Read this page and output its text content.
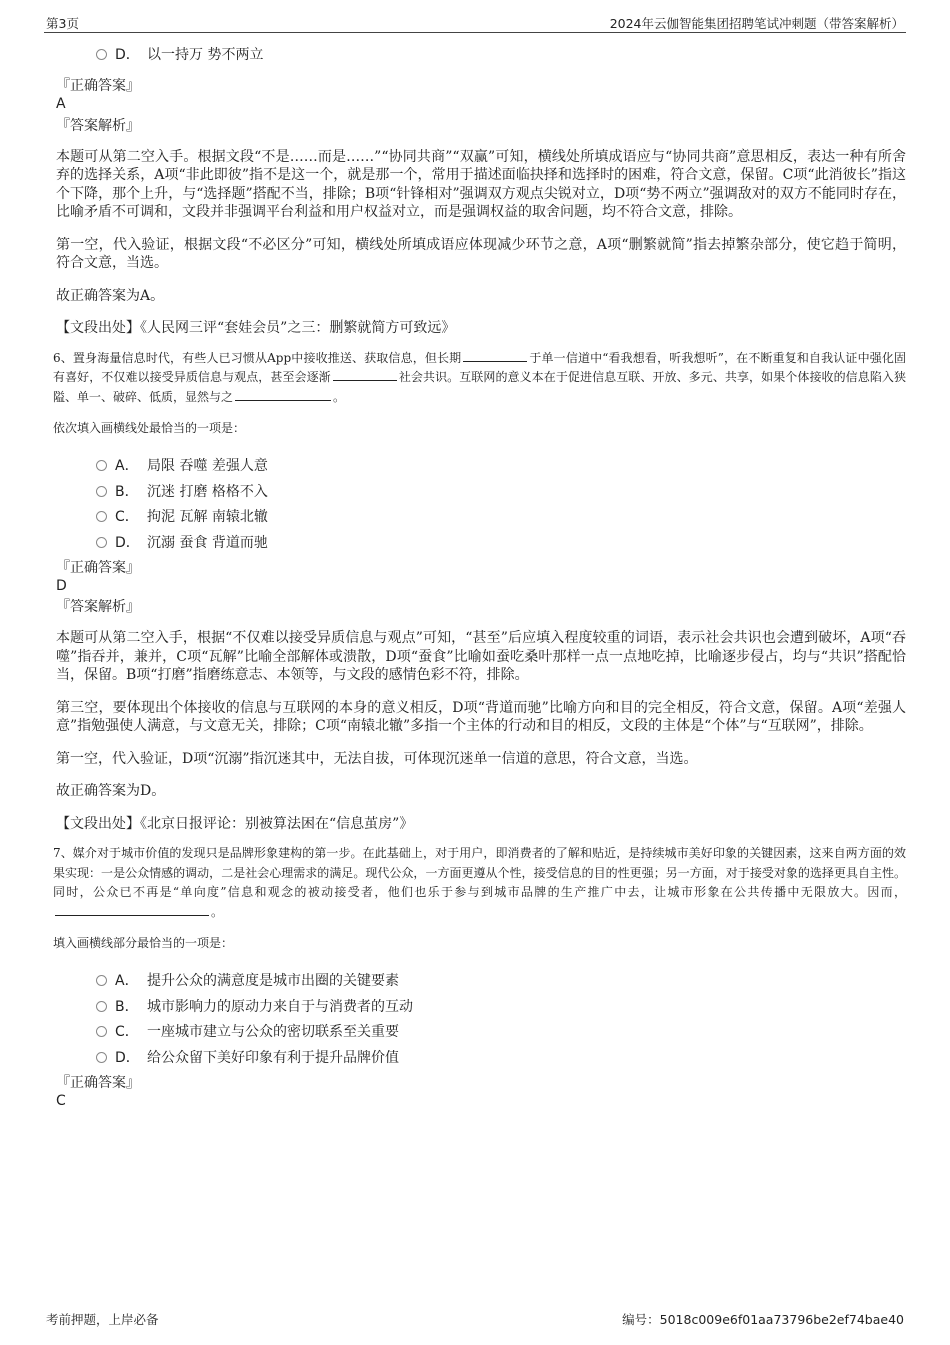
第3页	2024年云伽智能集团招聘笔试冲刺题（带答案解析）
D． 以一持万 势不两立
『正确答案』
A
『答案解析』

本题可从第二空入手。根据文段“不是……而是……”“协同共商”“双赢”可知，横线处所填成语应与“协同共商”意思相反，表达一种有所舍弃的选择关系，A项“非此即彼”指不是这一个，就是那一个，常用于描述面临抉择和选择时的困难，符合文意，保留。C项“此消彼长”指这个下降，那个上升，与“选择题”搭配不当，排除；B项“针锋相对”强调双方观点尖锐对立，D项“势不两立”强调敌对的双方不能同时存在，比喻矛盾不可调和，文段并非强调平台利益和用户权益对立，而是强调权益的取舍问题，均不符合文意，排除。

第一空，代入验证，根据文段“不必区分”可知，横线处所填成语应体现减少环节之意，A项“删繁就简”指去掉繁杂部分，使它趋于简明，符合文意，当选。

故正确答案为A。

【文段出处】《人民网三评“套娃会员”之三：删繁就简方可致远》
6、置身海量信息时代，有些人已习惯从App中接收推送、获取信息，但长期	于单一信道中“看我想看，听我想听”，在不断重复和自我认证中强化固有喜好，不仅难以接受异质信息与观点，甚至会逐渐	社会共识。互联网的意义本在于促进信息互联、开放、多元、共享，如果个体接收的信息陷入狭隘、单一、破碎、低质，显然与之	。
依次填入画横线处最恰当的一项是：
A． 局限 吞噬 差强人意
B． 沉迷 打磨 格格不入
C． 拘泥 瓦解 南辕北辙
D． 沉溺 蚕食 背道而驰
『正确答案』
D
『答案解析』

本题可从第二空入手，根据“不仅难以接受异质信息与观点”可知，“甚至”后应填入程度较重的词语，表示社会共识也会遭到破坏，A项“吞噬”指吞并，兼并，C项“瓦解”比喻全部解体或溃散，D项“蚕食”比喻如蚕吃桑叶那样一点一点地吃掉，比喻逐步侵占，均与“共识”搭配恰当，保留。B项“打磨”指磨练意志、本领等，与文段的感情色彩不符，排除。

第三空，要体现出个体接收的信息与互联网的本身的意义相反，D项“背道而驰”比喻方向和目的完全相反，符合文意，保留。A项“差强人意”指勉强使人满意，与文意无关，排除；C项“南辕北辙”多指一个主体的行动和目的相反，文段的主体是“个体”与“互联网”，排除。

第一空，代入验证，D项“沉溺”指沉迷其中，无法自拔，可体现沉迷单一信道的意思，符合文意，当选。

故正确答案为D。

【文段出处】《北京日报评论：别被算法困在“信息茧房”》
7、媒介对于城市价值的发现只是品牌形象建构的第一步。在此基础上，对于用户，即消费者的了解和贴近，是持续城市美好印象的关键因素，这来自两方面的效果实现：一是公众情感的调动，二是社会心理需求的满足。现代公众，一方面更遵从个性，接受信息的目的性更强；另一方面，对于接受对象的选择更具自主性。同时，公众已不再是“单向度”信息和观念的被动接受者，他们也乐于参与到城市品牌的生产推广中去，让城市形象在公共传播中无限放大。因而，。
填入画横线部分最恰当的一项是：
A． 提升公众的满意度是城市出圈的关键要素
B． 城市影响力的原动力来自于与消费者的互动
C． 一座城市建立与公众的密切联系至关重要
D． 给公众留下美好印象有利于提升品牌价值
『正确答案』
C
考前押题，上岸必备	编号：5018c009e6f01aa73796be2ef74bae40
